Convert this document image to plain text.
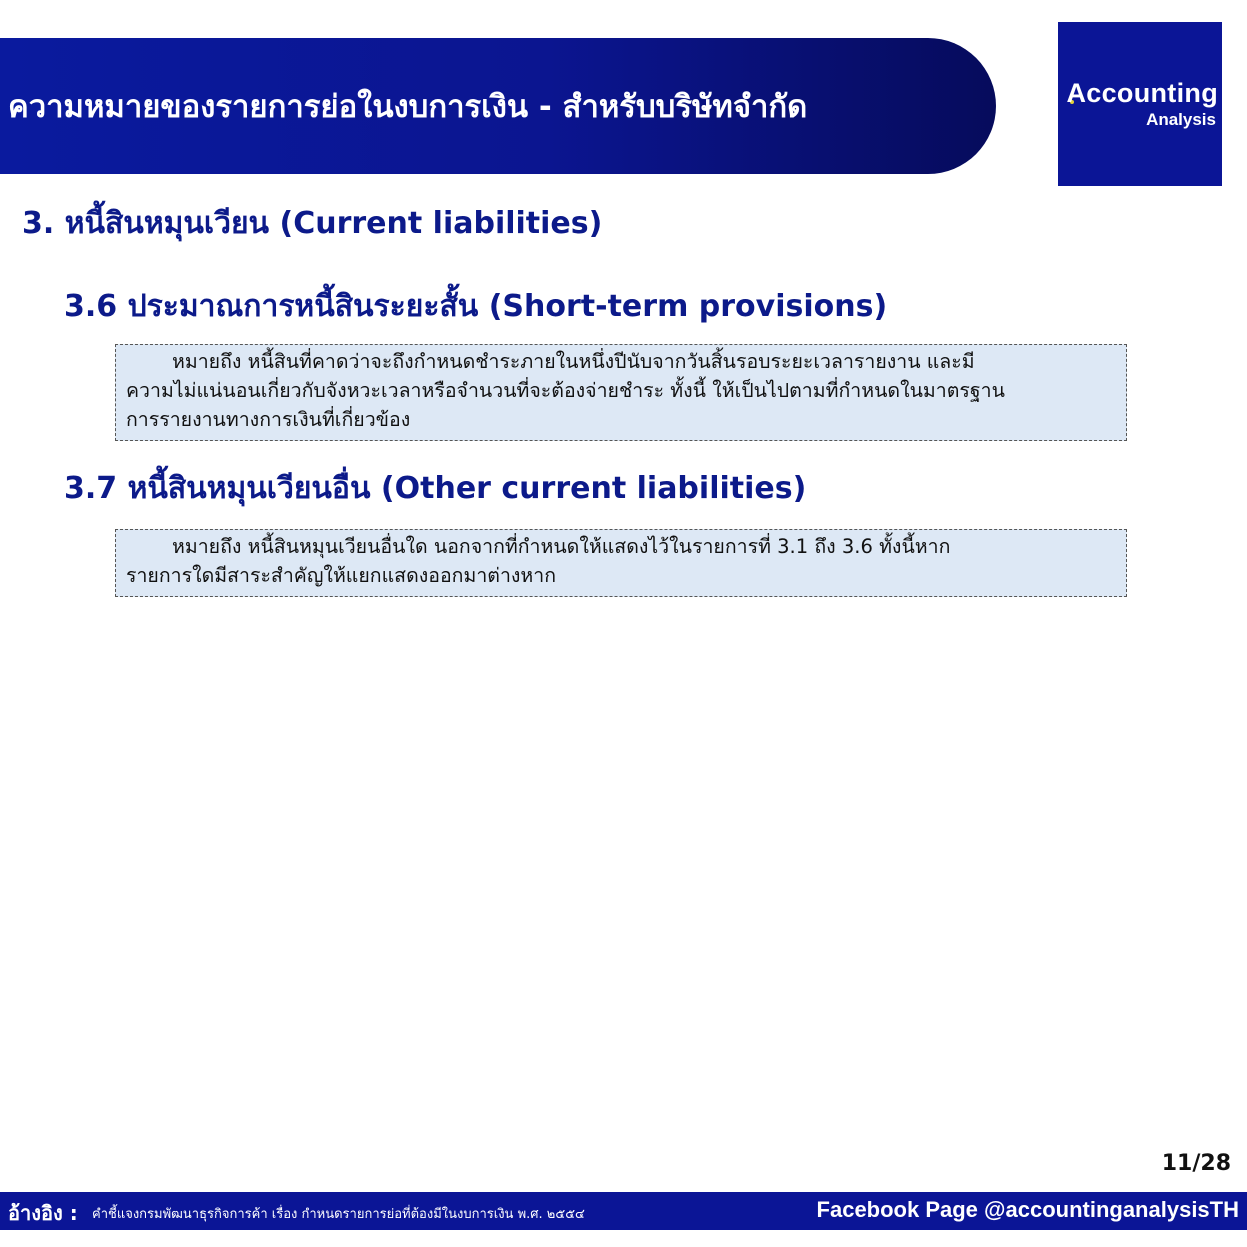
ความหมายของรายการย่อในงบการเงิน - สำหรับบริษัทจำกัด	Accounting
Analysis
3. หนี้สินหมุนเวียน (Current liabilities)
3.6 ประมาณการหนี้สินระยะสั้น (Short-term provisions)
หมายถึง หนี้สินที่คาดว่าจะถึงกำหนดชำระภายในหนึ่งปีนับจากวันสิ้นรอบระยะเวลารายงาน และมี
ความไม่แน่นอนเกี่ยวกับจังหวะเวลาหรือจำนวนที่จะต้องจ่ายชำระ ทั้งนี้ ให้เป็นไปตามที่กำหนดในมาตรฐาน
การรายงานทางการเงินที่เกี่ยวข้อง
3.7 หนี้สินหมุนเวียนอื่น (Other current liabilities)
หมายถึง หนี้สินหมุนเวียนอื่นใด นอกจากที่กำหนดให้แสดงไว้ในรายการที่ 3.1 ถึง 3.6 ทั้งนี้หาก
รายการใดมีสาระสำคัญให้แยกแสดงออกมาต่างหาก
11/28
อ้างอิง : คำชี้แจงกรมพัฒนาธุรกิจการค้า เรื่อง กำหนดรายการย่อที่ต้องมีในงบการเงิน พ.ศ. ๒๕๕๔	Facebook Page @accountinganalysisTH
